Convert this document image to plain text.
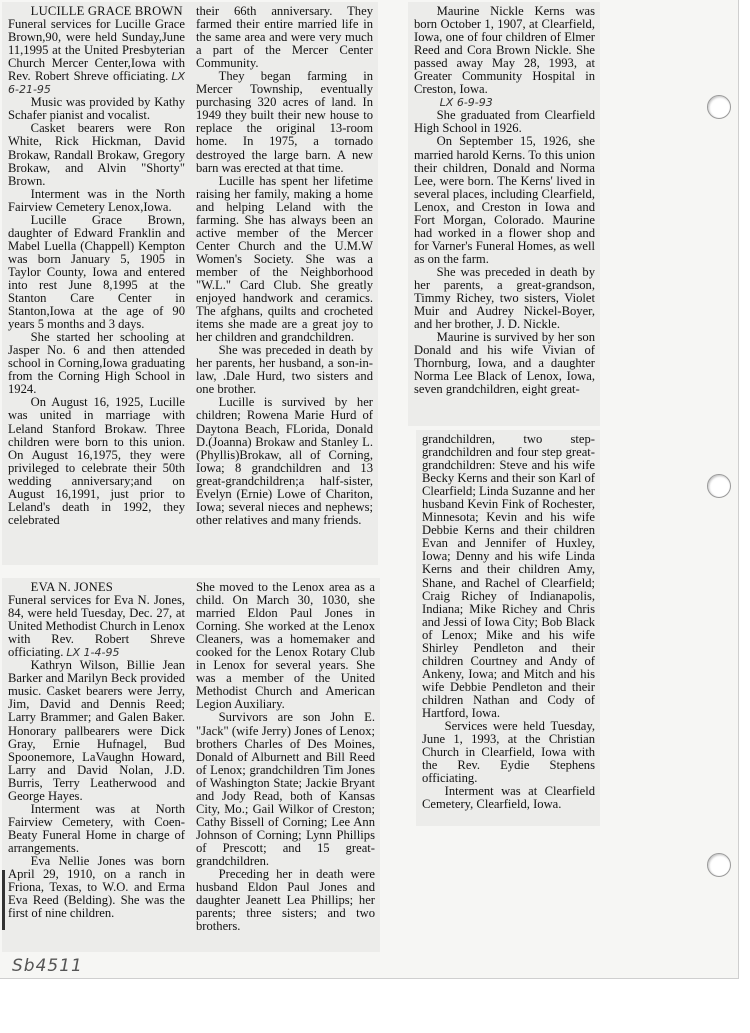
LUCILLE GRACE BROWN

Funeral services for Lucille Grace Brown,90, were held Sunday,June 11,1995 at the United Presbyterian Church Mercer Center,Iowa with Rev. Robert Shreve officiating. LX 6-21-95

Music was provided by Kathy Schafer pianist and vocalist.

Casket bearers were Ron White, Rick Hickman, David Brokaw, Randall Brokaw, Gregory Brokaw, and Alvin "Shorty" Brown.

Interment was in the North Fairview Cemetery Lenox,Iowa.

Lucille Grace Brown, daughter of Edward Franklin and Mabel Luella (Chappell) Kempton was born January 5, 1905 in Taylor County, Iowa and entered into rest June 8,1995 at the Stanton Care Center in Stanton,Iowa at the age of 90 years 5 months and 3 days.

She started her schooling at Jasper No. 6 and then attended school in Corning,Iowa graduating from the Corning High School in 1924.

On August 16, 1925, Lucille was united in marriage with Leland Stanford Brokaw. Three children were born to this union. On August 16,1975, they were privileged to celebrate their 50th wedding anniversary;and on August 16,1991, just prior to Leland's death in 1992, they celebrated

their 66th anniversary. They farmed their entire married life in the same area and were very much a part of the Mercer Center Community.

They began farming in Mercer Township, eventually purchasing 320 acres of land. In 1949 they built their new house to replace the original 13-room home. In 1975, a tornado destroyed the large barn. A new barn was erected at that time.

Lucille has spent her lifetime raising her family, making a home and helping Leland with the farming. She has always been an active member of the Mercer Center Church and the U.M.W Women's Society. She was a member of the Neighborhood "W.L." Card Club. She greatly enjoyed handwork and ceramics. The afghans, quilts and crocheted items she made are a great joy to her children and grandchildren.

She was preceded in death by her parents, her husband, a son-in-law, .Dale Hurd, two sisters and one brother.

Lucille is survived by her children; Rowena Marie Hurd of Daytona Beach, FLorida, Donald D.(Joanna) Brokaw and Stanley L. (Phyllis)Brokaw, all of Corning, Iowa; 8 grandchildren and 13 great-grandchildren;a half-sister, Evelyn (Ernie) Lowe of Chariton, Iowa; several nieces and nephews; other relatives and many friends.

EVA N. JONES

Funeral services for Eva N. Jones, 84, were held Tuesday, Dec. 27, at United Methodist Church in Lenox with Rev. Robert Shreve officiating. LX 1-4-95

Kathryn Wilson, Billie Jean Barker and Marilyn Beck provided music. Casket bearers were Jerry, Jim, David and Dennis Reed; Larry Brammer; and Galen Baker. Honorary pallbearers were Dick Gray, Ernie Hufnagel, Bud Spoonemore, LaVaughn Howard, Larry and David Nolan, J.D. Burris, Terry Leatherwood and George Hayes.

Interment was at North Fairview Cemetery, with Coen-Beaty Funeral Home in charge of arrangements.

Eva Nellie Jones was born April 29, 1910, on a ranch in Friona, Texas, to W.O. and Erma Eva Reed (Belding). She was the first of nine children.

She moved to the Lenox area as a child. On March 30, 1030, she married Eldon Paul Jones in Corning. She worked at the Lenox Cleaners, was a homemaker and cooked for the Lenox Rotary Club in Lenox for several years. She was a member of the United Methodist Church and American Legion Auxiliary.

Survivors are son John E. "Jack" (wife Jerry) Jones of Lenox; brothers Charles of Des Moines, Donald of Alburnett and Bill Reed of Lenox; grandchildren Tim Jones of Washington State; Jackie Bryant and Jody Read, both of Kansas City, Mo.; Gail Wilkor of Creston; Cathy Bissell of Corning; Lee Ann Johnson of Corning; Lynn Phillips of Prescott; and 15 great-grandchildren.

Preceding her in death were husband Eldon Paul Jones and daughter Jeanett Lea Phillips; her parents; three sisters; and two brothers.

Maurine Nickle Kerns was born October 1, 1907, at Clearfield, Iowa, one of four children of Elmer Reed and Cora Brown Nickle. She passed away May 28, 1993, at Greater Community Hospital in Creston, Iowa.

LX 6-9-93

She graduated from Clearfield High School in 1926.

On September 15, 1926, she married harold Kerns. To this union their children, Donald and Norma Lee, were born. The Kerns' lived in several places, including Clearfield, Lenox, and Creston in Iowa and Fort Morgan, Colorado. Maurine had worked in a flower shop and for Varner's Funeral Homes, as well as on the farm.

She was preceded in death by her parents, a great-grandson, Timmy Richey, two sisters, Violet Muir and Audrey Nickel-Boyer, and her brother, J. D. Nickle.

Maurine is survived by her son Donald and his wife Vivian of Thornburg, Iowa, and a daughter Norma Lee Black of Lenox, Iowa, seven grandchildren, eight great-

grandchildren, two step-grandchildren and four step great-grandchildren: Steve and his wife Becky Kerns and their son Karl of Clearfield; Linda Suzanne and her husband Kevin Fink of Rochester, Minnesota; Kevin and his wife Debbie Kerns and their children Evan and Jennifer of Huxley, Iowa; Denny and his wife Linda Kerns and their children Amy, Shane, and Rachel of Clearfield; Craig Richey of Indianapolis, Indiana; Mike Richey and Chris and Jessi of Iowa City; Bob Black of Lenox; Mike and his wife Shirley Pendleton and their children Courtney and Andy of Ankeny, Iowa; and Mitch and his wife Debbie Pendleton and their children Nathan and Cody of Hartford, Iowa.

Services were held Tuesday, June 1, 1993, at the Christian Church in Clearfield, Iowa with the Rev. Eydie Stephens officiating.

Interment was at Clearfield Cemetery, Clearfield, Iowa.

Sb4511
